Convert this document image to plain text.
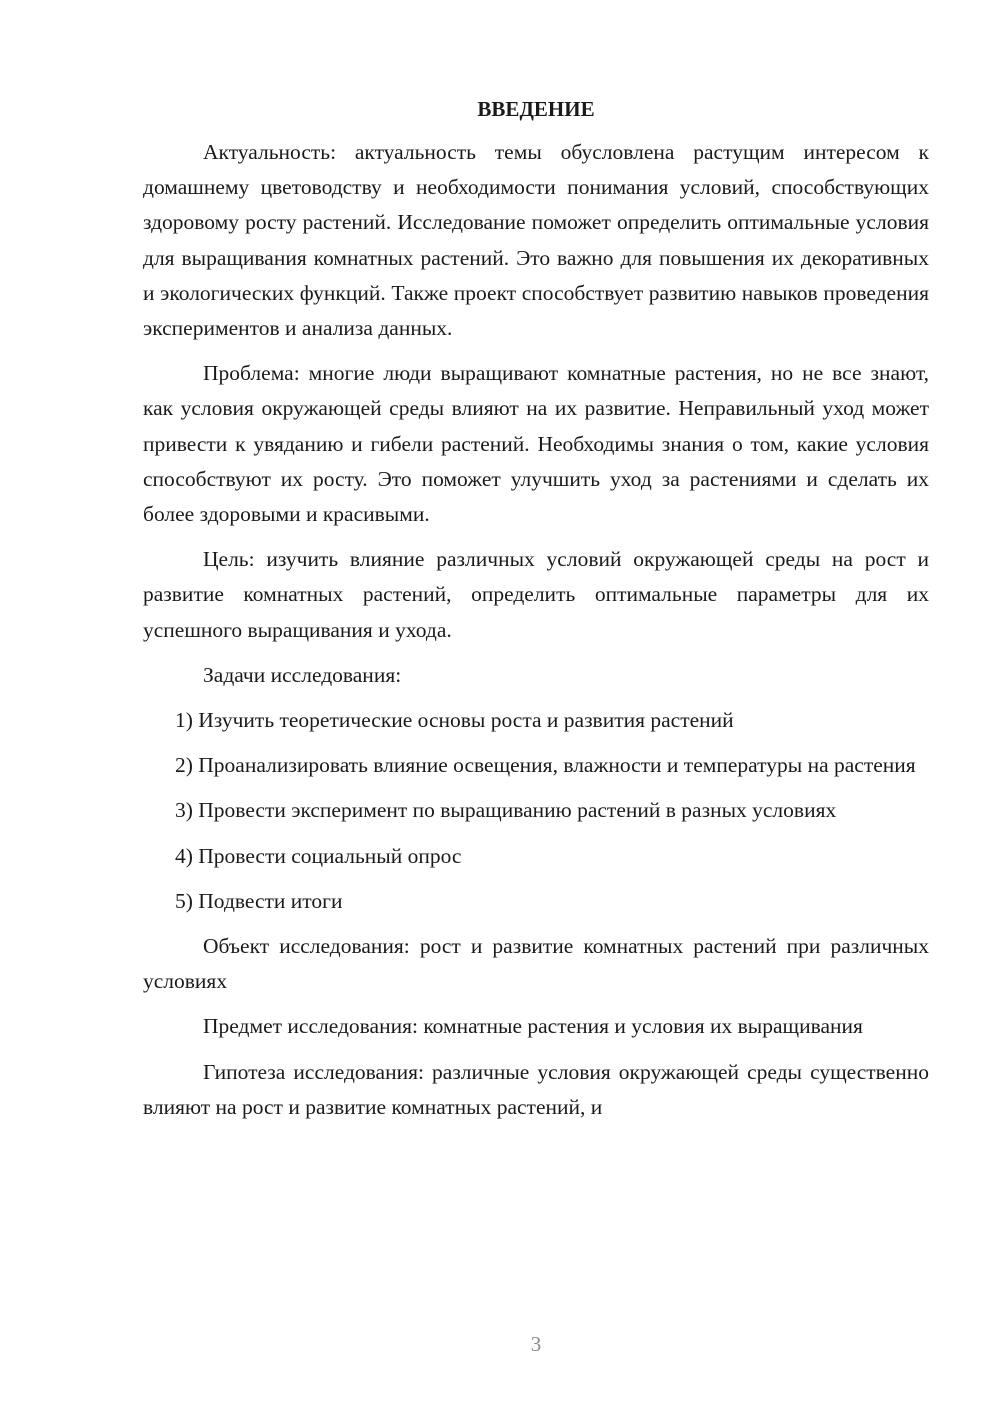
ВВЕДЕНИЕ

Актуальность: актуальность темы обусловлена растущим интересом к домашнему цветоводству и необходимости понимания условий, способствующих здоровому росту растений. Исследование поможет определить оптимальные условия для выращивания комнатных растений. Это важно для повышения их декоративных и экологических функций. Также проект способствует развитию навыков проведения экспериментов и анализа данных.

Проблема: многие люди выращивают комнатные растения, но не все знают, как условия окружающей среды влияют на их развитие. Неправильный уход может привести к увяданию и гибели растений. Необходимы знания о том, какие условия способствуют их росту. Это поможет улучшить уход за растениями и сделать их более здоровыми и красивыми.

Цель: изучить влияние различных условий окружающей среды на рост и развитие комнатных растений, определить оптимальные параметры для их успешного выращивания и ухода.

Задачи исследования:

1) Изучить теоретические основы роста и развития растений

2) Проанализировать влияние освещения, влажности и температуры на растения

3) Провести эксперимент по выращиванию растений в разных условиях

4) Провести социальный опрос

5) Подвести итоги

Объект исследования: рост и развитие комнатных растений при различных условиях

Предмет исследования: комнатные растения и условия их выращивания

Гипотеза исследования: различные условия окружающей среды существенно влияют на рост и развитие комнатных растений, и

3
